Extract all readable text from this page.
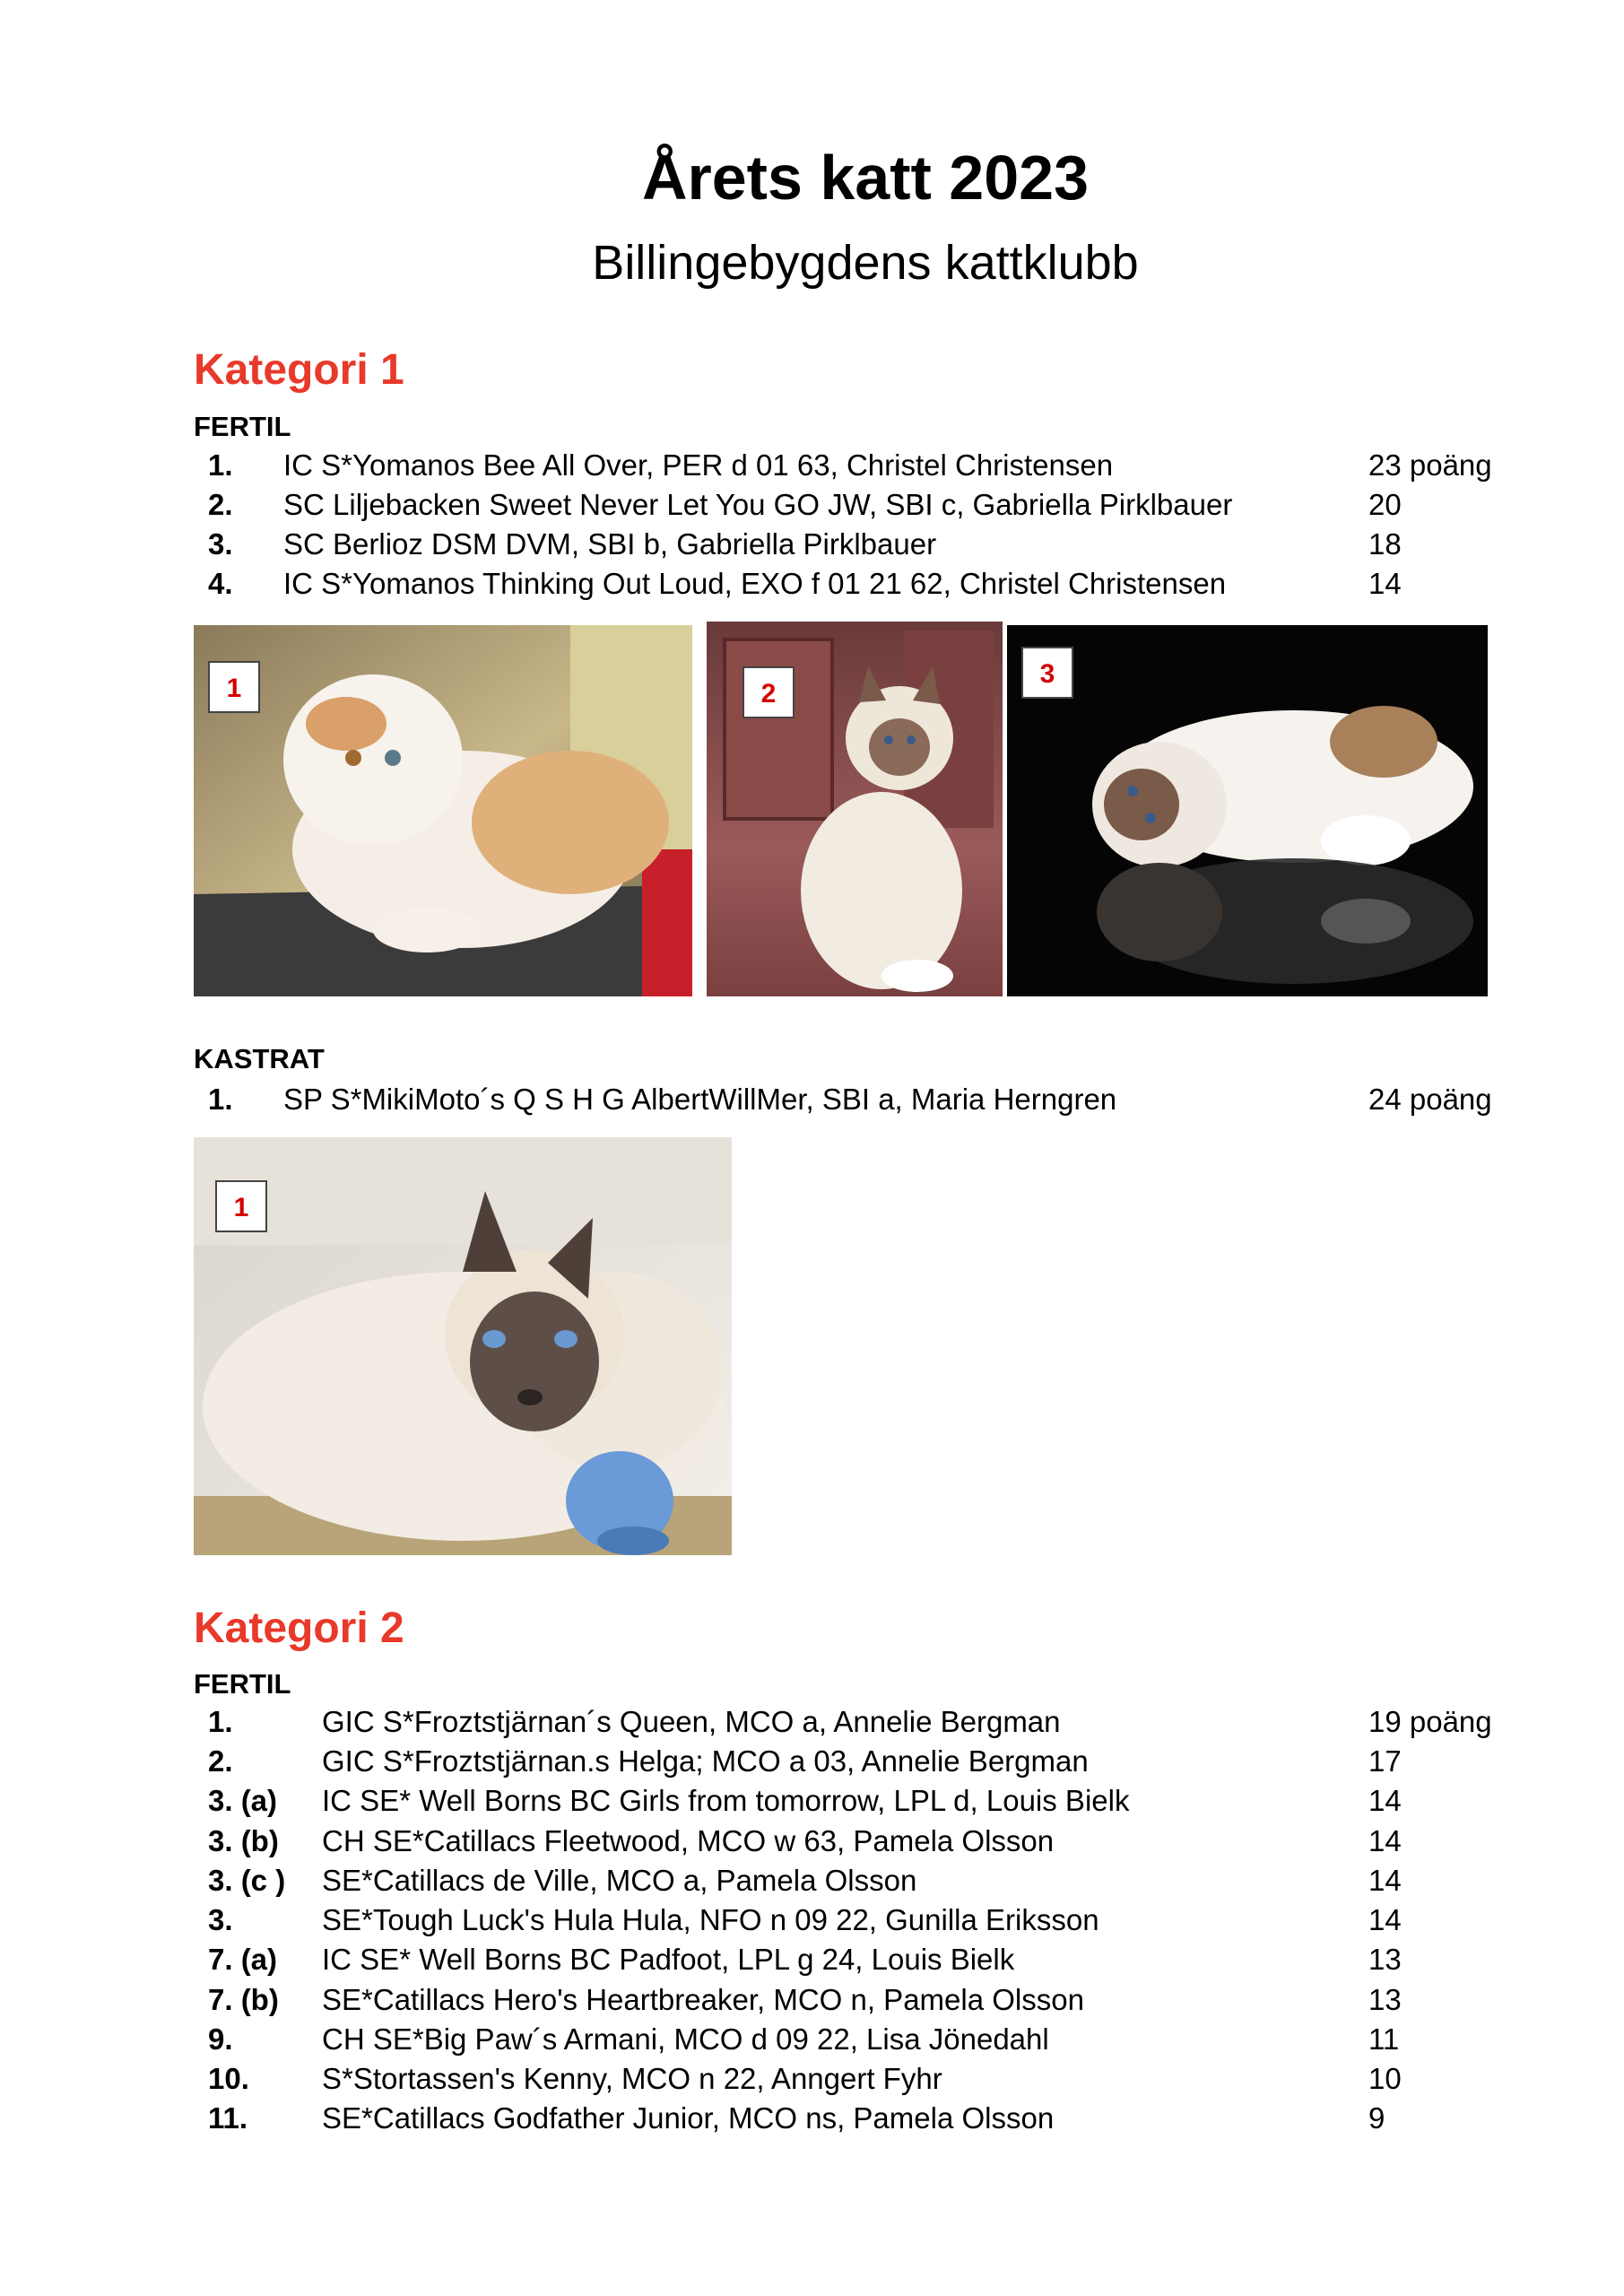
Årets katt 2023
Billingebygdens kattklubb
Kategori 1
FERTIL
1. IC S*Yomanos Bee All Over, PER d 01 63, Christel Christensen	23 poäng
2. SC Liljebacken Sweet Never Let You GO JW, SBI c, Gabriella Pirklbauer	20
3. SC Berlioz DSM DVM, SBI b, Gabriella Pirklbauer	18
4. IC S*Yomanos Thinking Out Loud, EXO f 01 21 62, Christel Christensen	14
1	2
3
KASTRAT
1. SP S*MikiMoto´s Q S H G AlbertWillMer, SBI a, Maria Herngren	24 poäng
1
Kategori 2
FERTIL
1.	GIC S*Froztstjärnan´s Queen, MCO a, Annelie Bergman	19 poäng
2.	GIC S*Froztstjärnan.s Helga; MCO a 03, Annelie Bergman	17
3. (a) IC SE* Well Borns BC Girls from tomorrow, LPL d, Louis Bielk	14
3. (b) CH SE*Catillacs Fleetwood, MCO w 63, Pamela Olsson	14
3. (c ) SE*Catillacs de Ville, MCO a, Pamela Olsson	14
3.	SE*Tough Luck's Hula Hula, NFO n 09 22, Gunilla Eriksson	14
7. (a) IC SE* Well Borns BC Padfoot, LPL g 24, Louis Bielk	13
7. (b) SE*Catillacs Hero's Heartbreaker, MCO n, Pamela Olsson	13
9.	CH SE*Big Paw´s Armani, MCO d 09 22, Lisa Jönedahl	11
10. S*Stortassen's Kenny, MCO n 22, Anngert Fyhr	10
11.	SE*Catillacs Godfather Junior, MCO ns, Pamela Olsson	9
